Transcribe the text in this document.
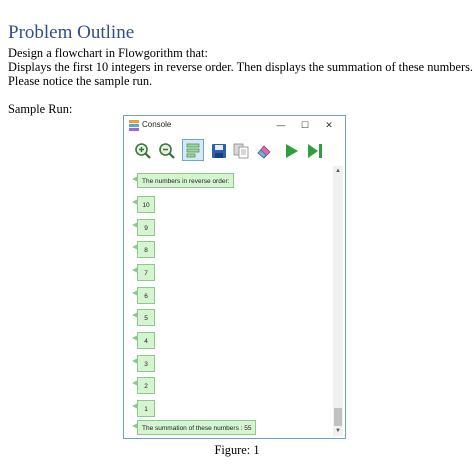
Problem Outline
Design a flowchart in Flowgorithm that:
Displays the first 10 integers in reverse order. Then displays the summation of these numbers.
Please notice the sample run.
Sample Run:
Console	—	☐	✕
The numbers in reverse order:
10
9
8
7
6
5
4
3
2
1
The summation of these numbers : 55
▲
▼
Figure: 1
